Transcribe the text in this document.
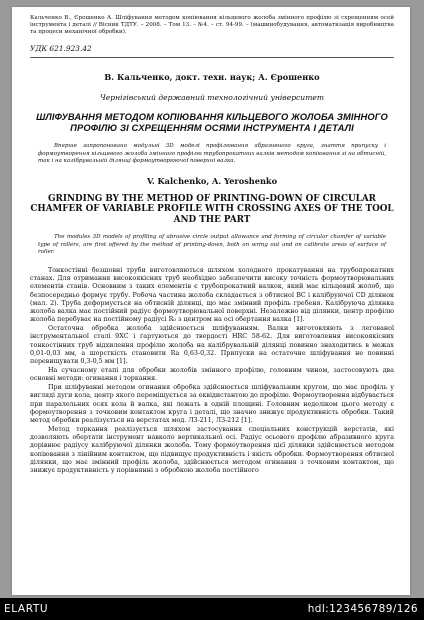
Кальченко В., Єрошенко А. Шліфування методом копіювання кільцевого жолоба змінного профілю зі схрещенням осей інструмента і деталі // Вісник ТДТУ. – 2008. – Том 13. – №4. – ст. 94-99. – (машинобудування, автоматизація виробництва та процеси механічної обробки).

УДК 621.923.42

В. Кальченко, докт. техн. наук; А. Єрошенко
Чернігівський державний технологічний університет
ШЛІФУВАННЯ МЕТОДОМ КОПІЮВАННЯ КІЛЬЦЕВОГО ЖОЛОБА ЗМІННОГО ПРОФІЛЮ ЗІ СХРЕЩЕННЯМ ОСЯМИ ІНСТРУМЕНТА І ДЕТАЛІ
Вперше запропоновано модульні 3D моделі профілювання абразивного круга, знаття припуску і формоутворення кільцевого жолоба змінного профілю трубопрокатних валків методом копіювання зі на обтисній, так і на калібрувальній ділянці формоутворюючої поверхні валка.
V. Kalchenko, A. Yeroshenko
GRINDING BY THE METHOD OF PRINTING-DOWN OF CIRCULAR CHAMFER OF VARIABLE PROFILE WITH CROSSING AXES OF THE TOOL AND THE PART
The modules 3D models of profiling of abrasive circle output allowance and forming of circular chamfer of variable type of rollers, are first offered by the method of printing-down, both on wring out and on calibrate areas of surface of roller.

Тонкостінні безшовні труби виготовляються шляхом холодного прокатування на трубопрокатних станах. Для отримання високоякісних труб необхідно забезпечити високу точність формоутворювальних елементів станів. Основним з таких елементів є трубопрокатний валкок, який має кільцевий жолоб, що безпосередньо формує трубу. Робоча частина жолоба складається з обтисної ВС і калібруючої CD ділянок (мал. 2). Труба деформується на обтисній ділянці, що має змінний профіль гребеня. Калібруюча ділянка жолоба валка має постійний радіус формоутворювальної поверхні. Незалежно від ділянки, центр профілю жолоба перебуває на постійному радіусі R₀ з центром на осі обертання валка [1].

Остаточна обробка жолоба здійснюється шліфуванням. Валки виготовляють з легованої інструментальної сталі 9ХС і гартуються до твердості HRC 58-62. Для виготовлення високоякісних тонкостінних труб відхилення профілю жолоба на калібрувальній ділянці повинно знаходитись в межах 0,01-0,03 мм, а шорсткість становити Ra 0,63-0,32. Припуски на остаточне шліфування не повинні перевищувати 0,3-0,5 мм [1].

На сучасному етапі для обробки жолобів змінного профілю, головним чином, застосовують два основні методи: огинання і торкання.

При шліфуванні методом огинання обробка здійснюється шліфувальним кругом, що має профіль у вигляді дуги кола, центр якого переміщується за еквідистантою до профілю. Формоутворення відбувається при паралельних осях кола й валка, які лежать в одній площині. Головним недоліком цього методу є формоутворення з точковим контактом круга і деталі, що значно знижує продуктивність обробки. Такий метод обробки реалізується на верстатах мод. ЛЗ-211, ЛЗ-212 [1].

Метод торкання реалізується шляхом застосування спеціальних конструкцій верстатів, які дозволяють обертати інструмент навколо вертикальної осі. Радіус осьового профілю абразивного круга дорівнює радіусу калібруючої ділянки жолоба. Тому формоутворення цієї ділянки здійснюється методом копіювання з лінійним контактом, що підвищує продуктивність і якість обробки. Формоутворення обтисної ділянки, що має змінний профіль жолоба, здійснюється методом огинання з точковим контактом, що знижує продуктивність у порівнянні з обробкою жолоба постійного

ELARTU	hdl:123456789/126
